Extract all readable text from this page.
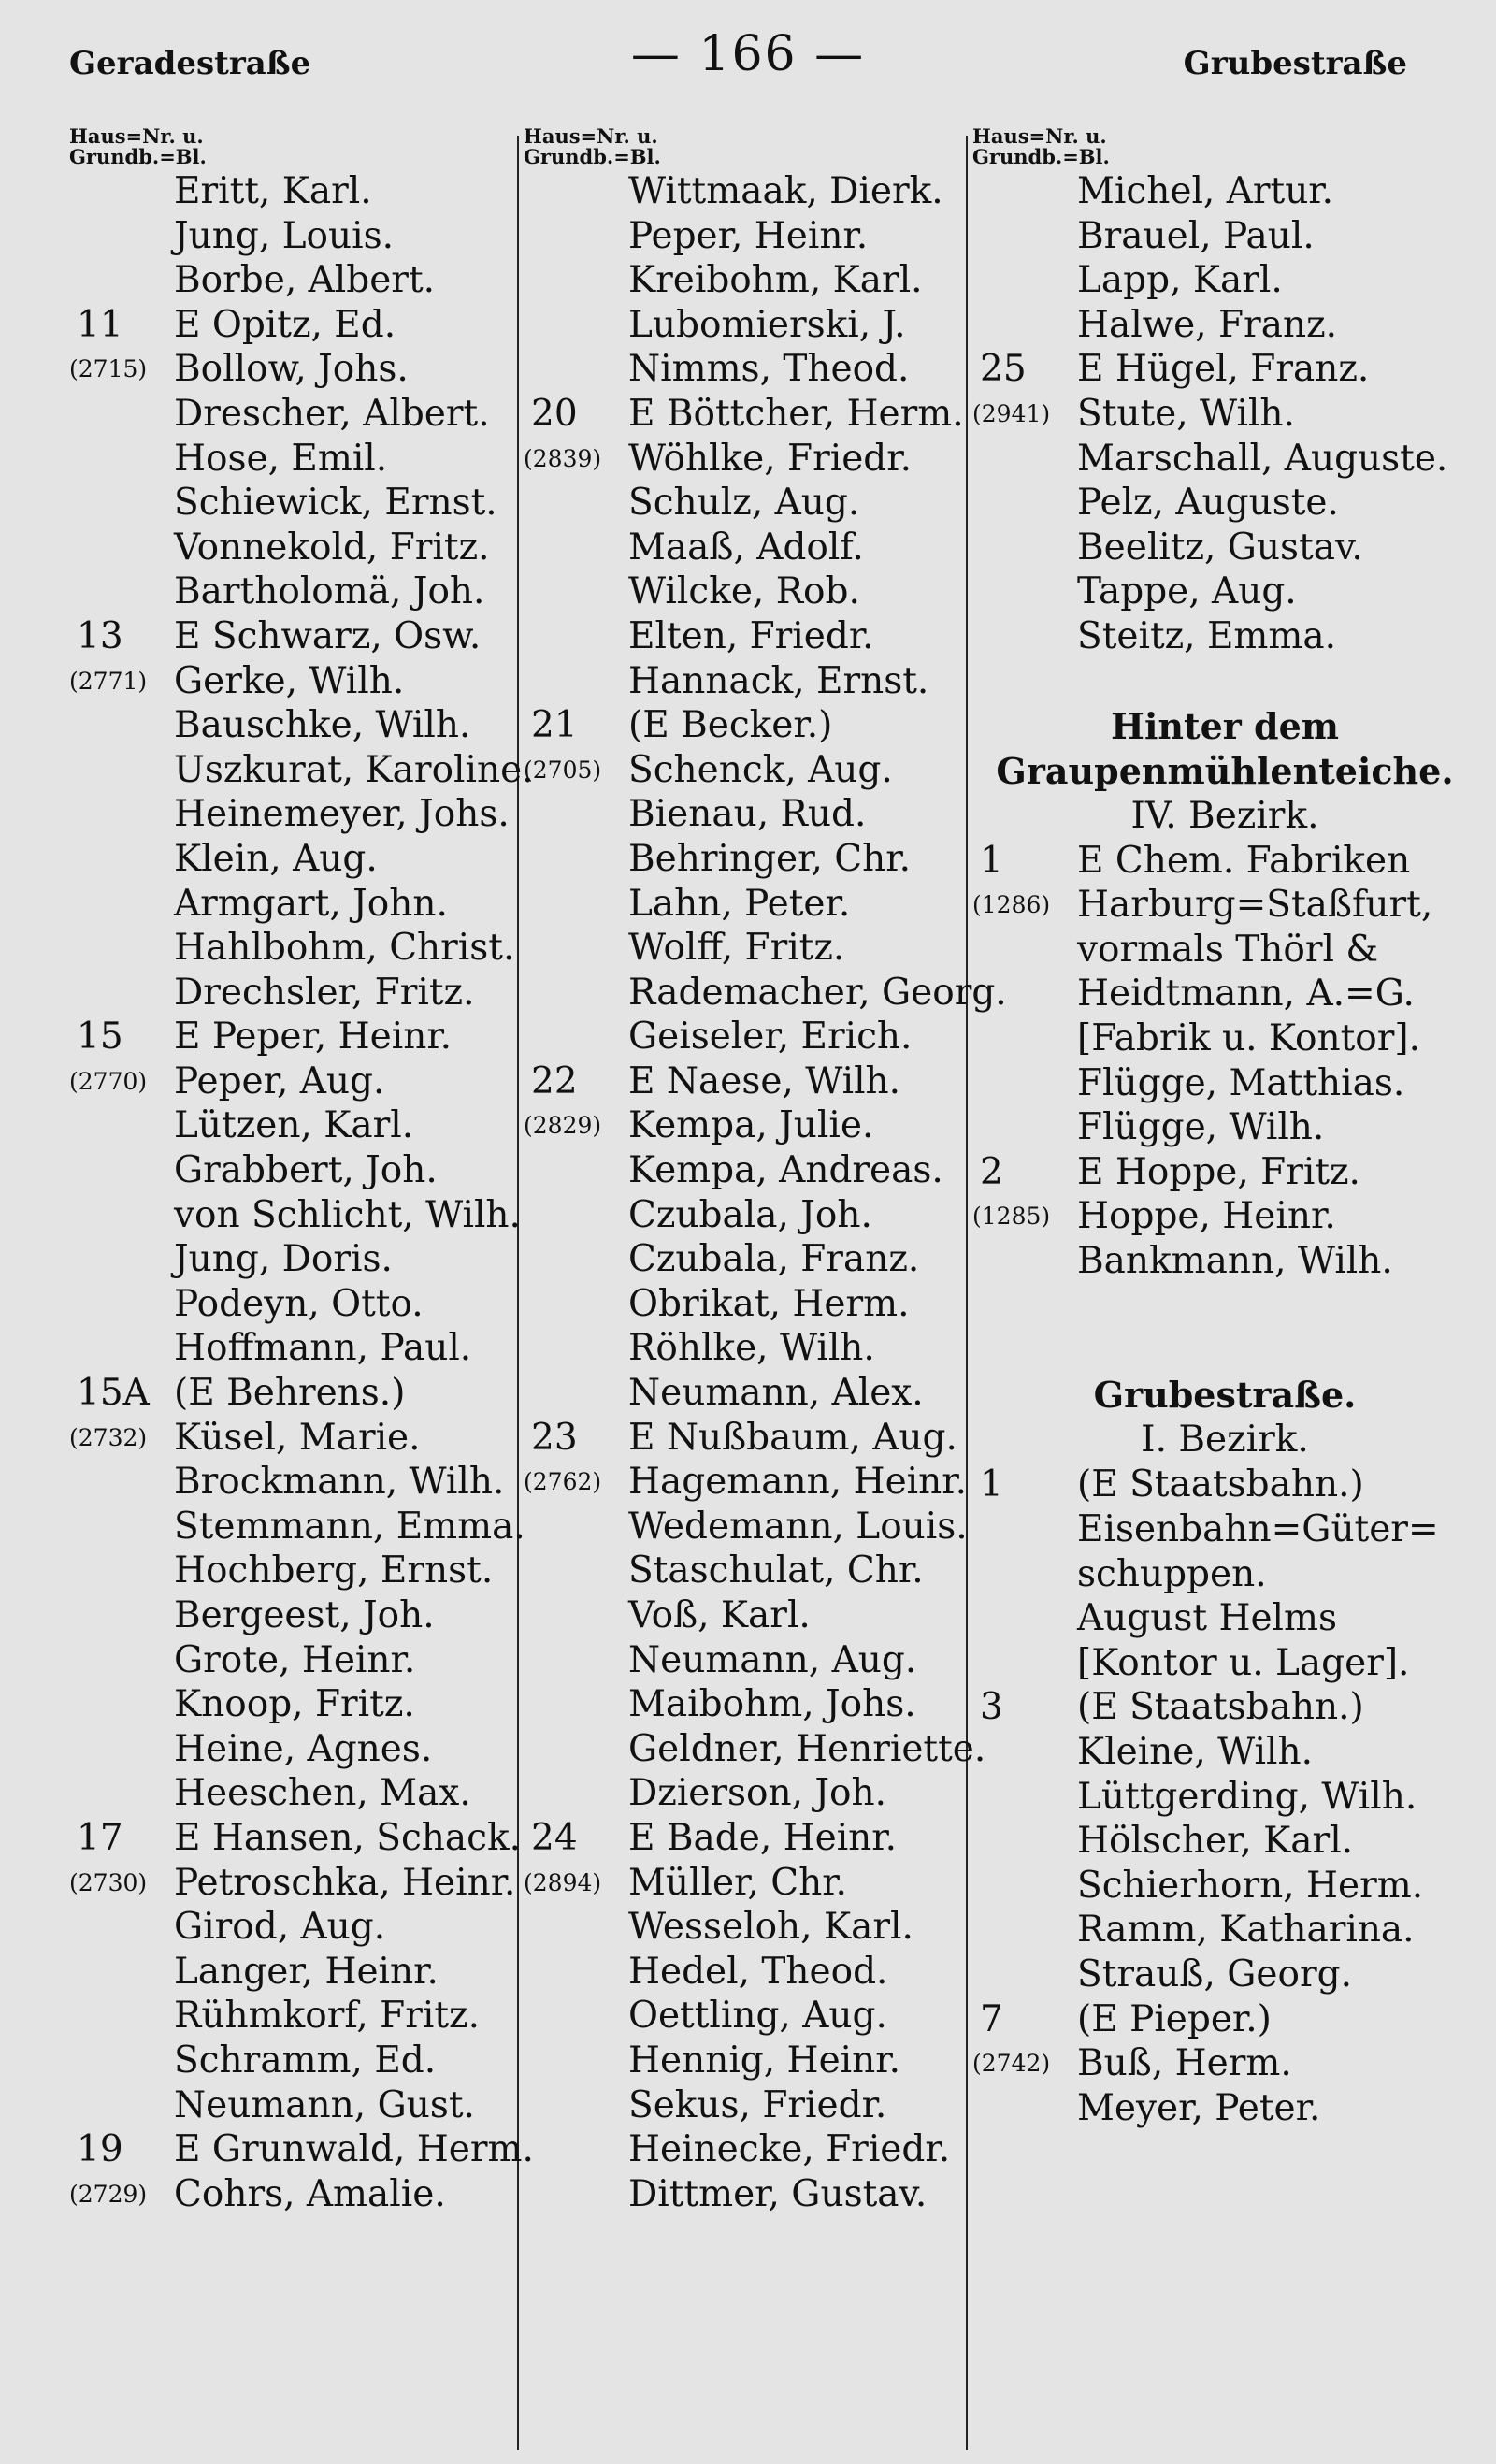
Geradestraße	— 166 —	Grubestraße
Haus=Nr. u.
Grundb.=Bl.
Eritt, Karl.
Jung, Louis.
Borbe, Albert.
11 E Opitz, Ed.
(2715) Bollow, Johs.
Drescher, Albert.
Hose, Emil.
Schiewick, Ernst.
Vonnekold, Fritz.
Bartholomä, Joh.
13 E Schwarz, Osw.
(2771) Gerke, Wilh.
Bauschke, Wilh.
Uszkurat, Karoline.
Heinemeyer, Johs.
Klein, Aug.
Armgart, John.
Hahlbohm, Christ.
Drechsler, Fritz.
15 E Peper, Heinr.
(2770) Peper, Aug.
Lützen, Karl.
Grabbert, Joh.
von Schlicht, Wilh.
Jung, Doris.
Podeyn, Otto.
Hoffmann, Paul.
15A (E Behrens.)
(2732) Küsel, Marie.
Brockmann, Wilh.
Stemmann, Emma.
Hochberg, Ernst.
Bergeest, Joh.
Grote, Heinr.
Knoop, Fritz.
Heine, Agnes.
Heeschen, Max.
17 E Hansen, Schack.
(2730) Petroschka, Heinr.
Girod, Aug.
Langer, Heinr.
Rühmkorf, Fritz.
Schramm, Ed.
Neumann, Gust.
19 E Grunwald, Herm.
(2729) Cohrs, Amalie.
Haus=Nr. u.
Grundb.=Bl.
Wittmaak, Dierk.
Peper, Heinr.
Kreibohm, Karl.
Lubomierski, J.
Nimms, Theod.
20 E Böttcher, Herm.
(2839) Wöhlke, Friedr.
Schulz, Aug.
Maaß, Adolf.
Wilcke, Rob.
Elten, Friedr.
Hannack, Ernst.
21 (E Becker.)
(2705) Schenck, Aug.
Bienau, Rud.
Behringer, Chr.
Lahn, Peter.
Wolff, Fritz.
Rademacher, Georg.
Geiseler, Erich.
22 E Naese, Wilh.
(2829) Kempa, Julie.
Kempa, Andreas.
Czubala, Joh.
Czubala, Franz.
Obrikat, Herm.
Röhlke, Wilh.
Neumann, Alex.
23 E Nußbaum, Aug.
(2762) Hagemann, Heinr.
Wedemann, Louis.
Staschulat, Chr.
Voß, Karl.
Neumann, Aug.
Maibohm, Johs.
Geldner, Henriette.
Dzierson, Joh.
24 E Bade, Heinr.
(2894) Müller, Chr.
Wesseloh, Karl.
Hedel, Theod.
Oettling, Aug.
Hennig, Heinr.
Sekus, Friedr.
Heinecke, Friedr.
Dittmer, Gustav.
Haus=Nr. u.
Grundb.=Bl.
Michel, Artur.
Brauel, Paul.
Lapp, Karl.
Halwe, Franz.
25 E Hügel, Franz.
(2941) Stute, Wilh.
Marschall, Auguste.
Pelz, Auguste.
Beelitz, Gustav.
Tappe, Aug.
Steitz, Emma.
Hinter dem
Graupenmühlenteiche.
IV. Bezirk.
1 E Chem. Fabriken
(1286) Harburg=Staßfurt,
vormals Thörl &
Heidtmann, A.=G.
[Fabrik u. Kontor].
Flügge, Matthias.
Flügge, Wilh.
2 E Hoppe, Fritz.
(1285) Hoppe, Heinr.
Bankmann, Wilh.
Grubestraße.
I. Bezirk.
1 (E Staatsbahn.)
Eisenbahn=Güter=
schuppen.
August Helms
[Kontor u. Lager].
3 (E Staatsbahn.)
Kleine, Wilh.
Lüttgerding, Wilh.
Hölscher, Karl.
Schierhorn, Herm.
Ramm, Katharina.
Strauß, Georg.
7 (E Pieper.)
(2742) Buß, Herm.
Meyer, Peter.
